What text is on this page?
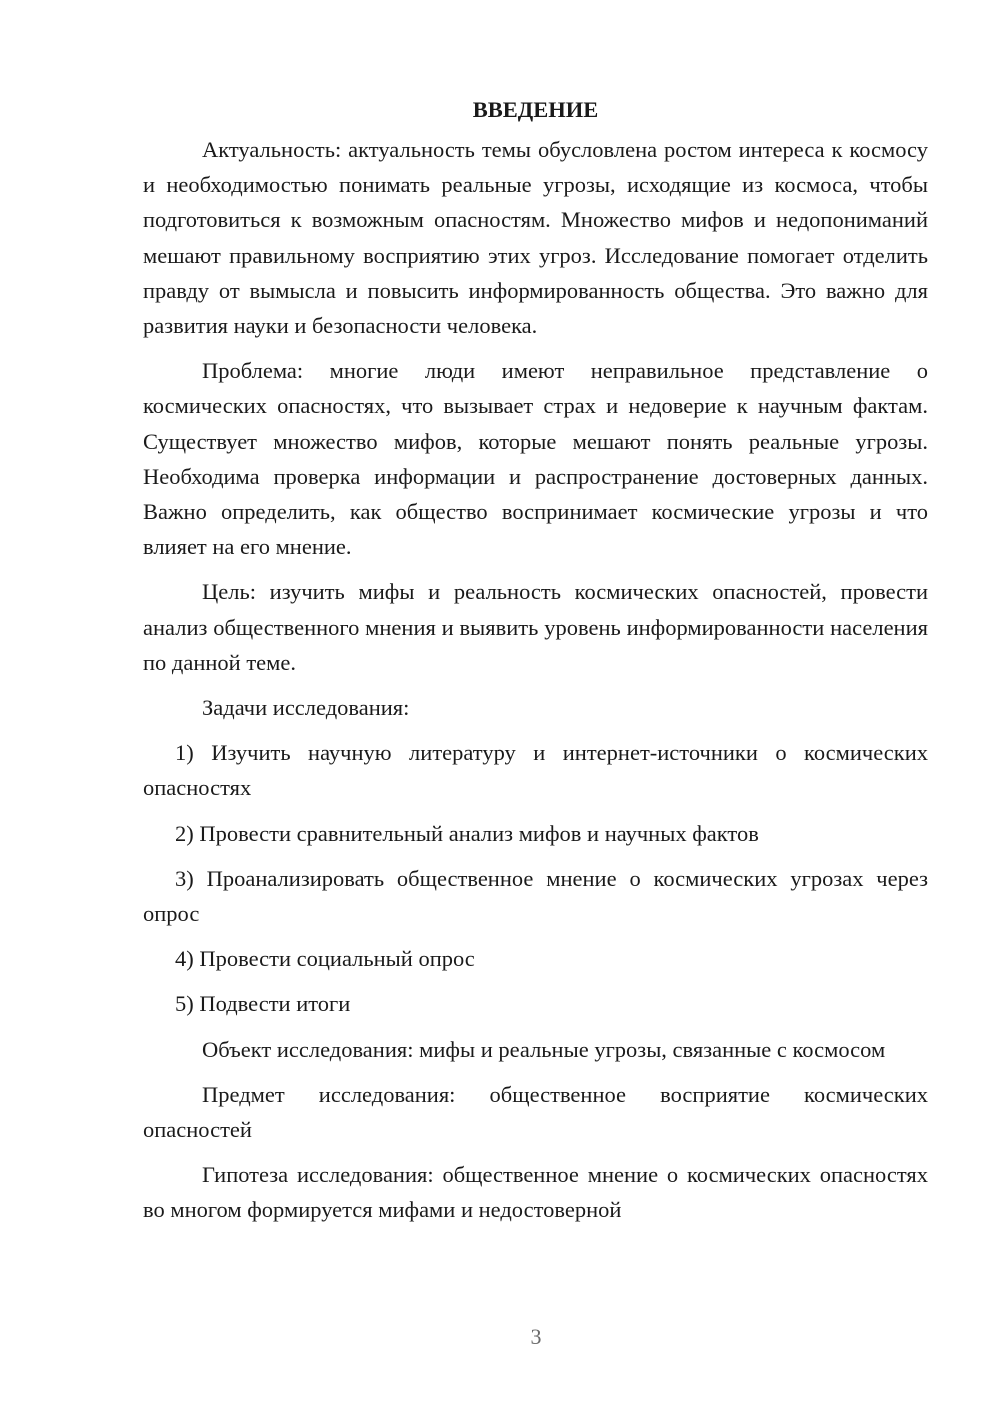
ВВЕДЕНИЕ

Актуальность: актуальность темы обусловлена ростом интереса к космосу и необходимостью понимать реальные угрозы, исходящие из космоса, чтобы подготовиться к возможным опасностям. Множество мифов и недопониманий мешают правильному восприятию этих угроз. Исследование помогает отделить правду от вымысла и повысить информированность общества. Это важно для развития науки и безопасности человека.

Проблема: многие люди имеют неправильное представление о космических опасностях, что вызывает страх и недоверие к научным фактам. Существует множество мифов, которые мешают понять реальные угрозы. Необходима проверка информации и распространение достоверных данных. Важно определить, как общество воспринимает космические угрозы и что влияет на его мнение.

Цель: изучить мифы и реальность космических опасностей, провести анализ общественного мнения и выявить уровень информированности населения по данной теме.

Задачи исследования:

1) Изучить научную литературу и интернет-источники о космических опасностях

2) Провести сравнительный анализ мифов и научных фактов

3) Проанализировать общественное мнение о космических угрозах через опрос

4) Провести социальный опрос

5) Подвести итоги

Объект исследования: мифы и реальные угрозы, связанные с космосом

Предмет исследования: общественное восприятие космических опасностей

Гипотеза исследования: общественное мнение о космических опасностях во многом формируется мифами и недостоверной

3
